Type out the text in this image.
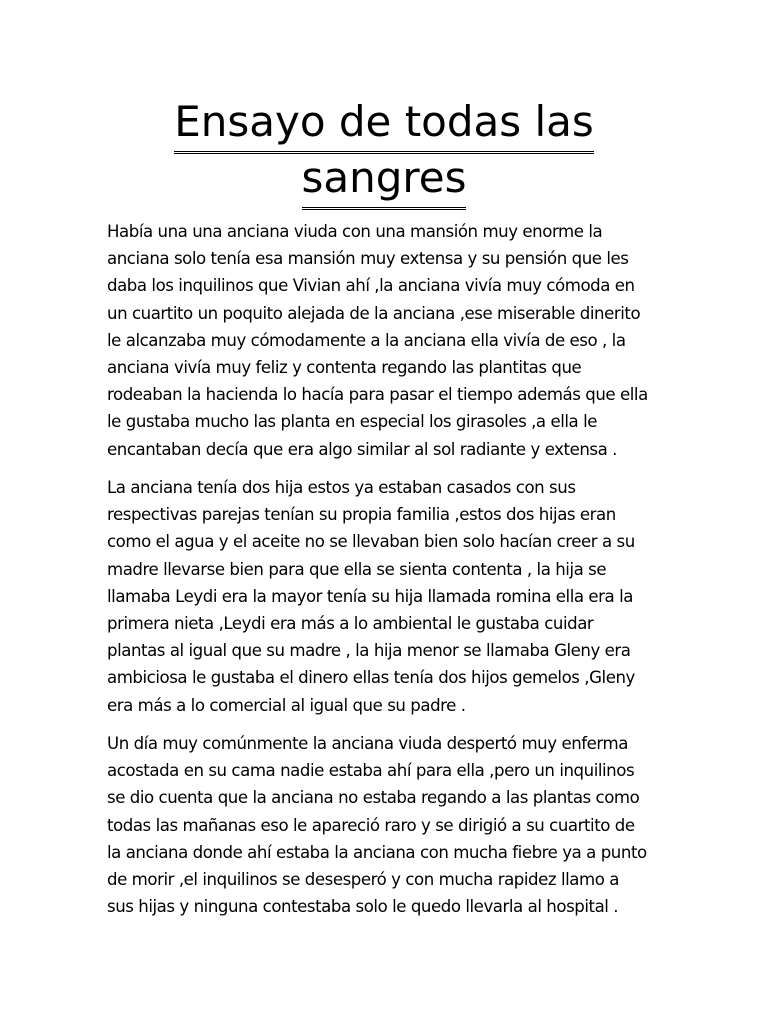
Ensayo de todas las
sangres
Había una una anciana viuda con una mansión muy enorme la
anciana solo tenía esa mansión muy extensa y su pensión que les
daba los inquilinos que Vivian ahí ,la anciana vivía muy cómoda en
un cuartito un poquito alejada de la anciana ,ese miserable dinerito
le alcanzaba muy cómodamente a la anciana ella vivía de eso , la
anciana vivía muy feliz y contenta regando las plantitas que
rodeaban la hacienda lo hacía para pasar el tiempo además que ella
le gustaba mucho las planta en especial los girasoles ,a ella le
encantaban decía que era algo similar al sol radiante y extensa .
La anciana tenía dos hija estos ya estaban casados con sus
respectivas parejas tenían su propia familia ,estos dos hijas eran
como el agua y el aceite no se llevaban bien solo hacían creer a su
madre llevarse bien para que ella se sienta contenta , la hija se
llamaba Leydi era la mayor tenía su hija llamada romina ella era la
primera nieta ,Leydi era más a lo ambiental le gustaba cuidar
plantas al igual que su madre , la hija menor se llamaba Gleny era
ambiciosa le gustaba el dinero ellas tenía dos hijos gemelos ,Gleny
era más a lo comercial al igual que su padre .
Un día muy comúnmente la anciana viuda despertó muy enferma
acostada en su cama nadie estaba ahí para ella ,pero un inquilinos
se dio cuenta que la anciana no estaba regando a las plantas como
todas las mañanas eso le apareció raro y se dirigió a su cuartito de
la anciana donde ahí estaba la anciana con mucha fiebre ya a punto
de morir ,el inquilinos se desesperó y con mucha rapidez llamo a
sus hijas y ninguna contestaba solo le quedo llevarla al hospital .
